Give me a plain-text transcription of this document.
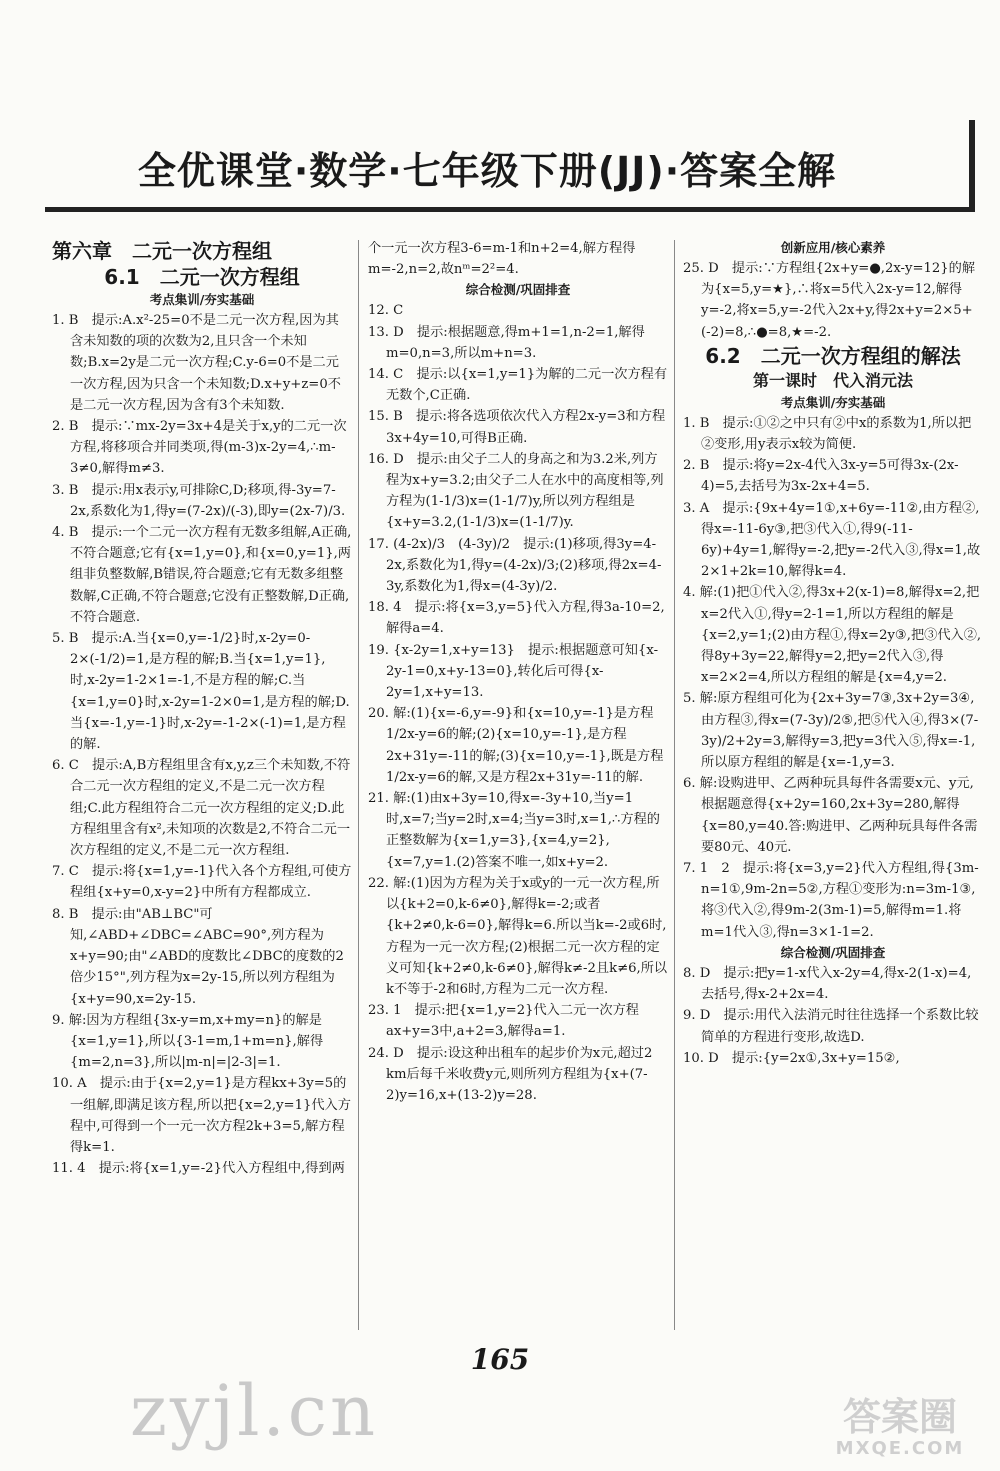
全优课堂·数学·七年级下册(JJ)·答案全解
第六章　二元一次方程组
6.1　二元一次方程组
考点集训/夯实基础

1. B　提示:A.x²-25=0不是二元一次方程,因为其含未知数的项的次数为2,且只含一个未知数;B.x=2y是二元一次方程;C.y-6=0不是二元一次方程,因为只含一个未知数;D.x+y+z=0不是二元一次方程,因为含有3个未知数.

2. B　提示:∵mx-2y=3x+4是关于x,y的二元一次方程,将移项合并同类项,得(m-3)x-2y=4,∴m-3≠0,解得m≠3.

3. B　提示:用x表示y,可排除C,D;移项,得-3y=7-2x,系数化为1,得y=(7-2x)/(-3),即y=(2x-7)/3.

4. B　提示:一个二元一次方程有无数多组解,A正确,不符合题意;它有{x=1,y=0},和{x=0,y=1},两组非负整数解,B错误,符合题意;它有无数多组整数解,C正确,不符合题意;它没有正整数解,D正确,不符合题意.

5. B　提示:A.当{x=0,y=-1/2}时,x-2y=0-2×(-1/2)=1,是方程的解;B.当{x=1,y=1},时,x-2y=1-2×1=-1,不是方程的解;C.当{x=1,y=0}时,x-2y=1-2×0=1,是方程的解;D.当{x=-1,y=-1}时,x-2y=-1-2×(-1)=1,是方程的解.

6. C　提示:A,B方程组里含有x,y,z三个未知数,不符合二元一次方程组的定义,不是二元一次方程组;C.此方程组符合二元一次方程组的定义;D.此方程组里含有x²,未知项的次数是2,不符合二元一次方程组的定义,不是二元一次方程组.

7. C　提示:将{x=1,y=-1}代入各个方程组,可使方程组{x+y=0,x-y=2}中所有方程都成立.

8. B　提示:由"AB⊥BC"可知,∠ABD+∠DBC=∠ABC=90°,列方程为x+y=90;由"∠ABD的度数比∠DBC的度数的2倍少15°",列方程为x=2y-15,所以列方程组为{x+y=90,x=2y-15.

9. 解:因为方程组{3x-y=m,x+my=n}的解是{x=1,y=1},所以{3-1=m,1+m=n},解得{m=2,n=3},所以|m-n|=|2-3|=1.

10. A　提示:由于{x=2,y=1}是方程kx+3y=5的一组解,即满足该方程,所以把{x=2,y=1}代入方程中,可得到一个一元一次方程2k+3=5,解方程得k=1.

11. 4　提示:将{x=1,y=-2}代入方程组中,得到两

个一元一次方程3-6=m-1和n+2=4,解方程得m=-2,n=2,故nᵐ=2²=4.

综合检测/巩固排查

12. C

13. D　提示:根据题意,得m+1=1,n-2=1,解得m=0,n=3,所以m+n=3.

14. C　提示:以{x=1,y=1}为解的二元一次方程有无数个,C正确.

15. B　提示:将各选项依次代入方程2x-y=3和方程3x+4y=10,可得B正确.

16. D　提示:由父子二人的身高之和为3.2米,列方程为x+y=3.2;由父子二人在水中的高度相等,列方程为(1-1/3)x=(1-1/7)y,所以列方程组是{x+y=3.2,(1-1/3)x=(1-1/7)y.

17. (4-2x)/3　(4-3y)/2　提示:(1)移项,得3y=4-2x,系数化为1,得y=(4-2x)/3;(2)移项,得2x=4-3y,系数化为1,得x=(4-3y)/2.

18. 4　提示:将{x=3,y=5}代入方程,得3a-10=2,解得a=4.

19. {x-2y=1,x+y=13}　提示:根据题意可知{x-2y-1=0,x+y-13=0},转化后可得{x-2y=1,x+y=13.

20. 解:(1){x=-6,y=-9}和{x=10,y=-1}是方程1/2x-y=6的解;(2){x=10,y=-1},是方程2x+31y=-11的解;(3){x=10,y=-1},既是方程1/2x-y=6的解,又是方程2x+31y=-11的解.

21. 解:(1)由x+3y=10,得x=-3y+10,当y=1时,x=7;当y=2时,x=4;当y=3时,x=1,∴方程的正整数解为{x=1,y=3},{x=4,y=2},{x=7,y=1.(2)答案不唯一,如x+y=2.

22. 解:(1)因为方程为关于x或y的一元一次方程,所以{k+2=0,k-6≠0},解得k=-2;或者{k+2≠0,k-6=0},解得k=6.所以当k=-2或6时,方程为一元一次方程;(2)根据二元一次方程的定义可知{k+2≠0,k-6≠0},解得k≠-2且k≠6,所以k不等于-2和6时,方程为二元一次方程.

23. 1　提示:把{x=1,y=2}代入二元一次方程ax+y=3中,a+2=3,解得a=1.

24. D　提示:设这种出租车的起步价为x元,超过2 km后每千米收费y元,则所列方程组为{x+(7-2)y=16,x+(13-2)y=28.

创新应用/核心素养

25. D　提示:∵方程组{2x+y=●,2x-y=12}的解为{x=5,y=★},∴将x=5代入2x-y=12,解得y=-2,将x=5,y=-2代入2x+y,得2x+y=2×5+(-2)=8,∴●=8,★=-2.

6.2　二元一次方程组的解法
第一课时　代入消元法
考点集训/夯实基础

1. B　提示:①②之中只有②中x的系数为1,所以把②变形,用y表示x较为简便.

2. B　提示:将y=2x-4代入3x-y=5可得3x-(2x-4)=5,去括号为3x-2x+4=5.

3. A　提示:{9x+4y=1①,x+6y=-11②,由方程②,得x=-11-6y③,把③代入①,得9(-11-6y)+4y=1,解得y=-2,把y=-2代入③,得x=1,故2×1+2k=10,解得k=4.

4. 解:(1)把①代入②,得3x+2(x-1)=8,解得x=2,把x=2代入①,得y=2-1=1,所以方程组的解是{x=2,y=1;(2)由方程①,得x=2y③,把③代入②,得8y+3y=22,解得y=2,把y=2代入③,得x=2×2=4,所以方程组的解是{x=4,y=2.

5. 解:原方程组可化为{2x+3y=7③,3x+2y=3④,由方程③,得x=(7-3y)/2⑤,把⑤代入④,得3×(7-3y)/2+2y=3,解得y=3,把y=3代入⑤,得x=-1,所以原方程组的解是{x=-1,y=3.

6. 解:设购进甲、乙两种玩具每件各需要x元、y元,根据题意得{x+2y=160,2x+3y=280,解得{x=80,y=40.答:购进甲、乙两种玩具每件各需要80元、40元.

7. 1　2　提示:将{x=3,y=2}代入方程组,得{3m-n=1①,9m-2n=5②,方程①变形为:n=3m-1③,将③代入②,得9m-2(3m-1)=5,解得m=1.将m=1代入③,得n=3×1-1=2.

综合检测/巩固排查

8. D　提示:把y=1-x代入x-2y=4,得x-2(1-x)=4,去括号,得x-2+2x=4.

9. D　提示:用代入法消元时往往选择一个系数比较简单的方程进行变形,故选D.

10. D　提示:{y=2x①,3x+y=15②,

165
zyjl.cn	答案圈
MXQE.COM
